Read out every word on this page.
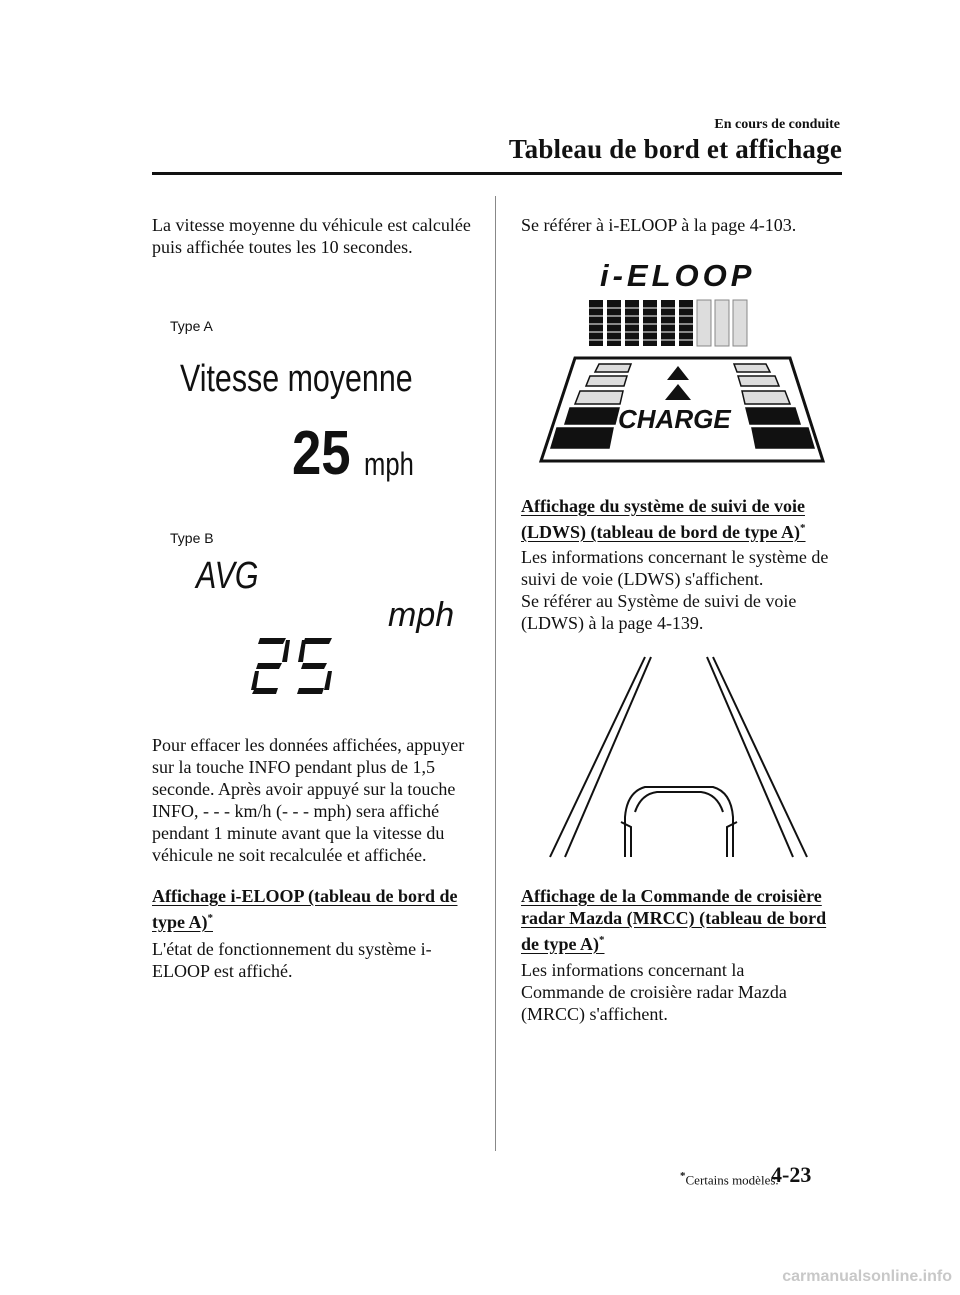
En cours de conduite
Tableau de bord et affichage

La vitesse moyenne du véhicule est calculée puis affichée toutes les 10 secondes.

Type A
Vitesse moyenne
25 mph
Type B
AVG
mph

Pour effacer les données affichées, appuyer sur la touche INFO pendant plus de 1,5 seconde. Après avoir appuyé sur la touche INFO, - - - km/h (- - - mph) sera affiché pendant 1 minute avant que la vitesse du véhicule ne soit recalculée et affichée.

Affichage i-ELOOP (tableau de bord de type A)*

L'état de fonctionnement du système i-ELOOP est affiché.

Se référer à i-ELOOP à la page 4-103.

i-ELOOP
CHARGE
Affichage du système de suivi de voie (LDWS) (tableau de bord de type A)*

Les informations concernant le système de suivi de voie (LDWS) s'affichent.

Se référer au Système de suivi de voie (LDWS) à la page 4-139.

Affichage de la Commande de croisière radar Mazda (MRCC) (tableau de bord de type A)*

Les informations concernant la Commande de croisière radar Mazda (MRCC) s'affichent.

*Certains modèles.
4-23
carmanualsonline.info
